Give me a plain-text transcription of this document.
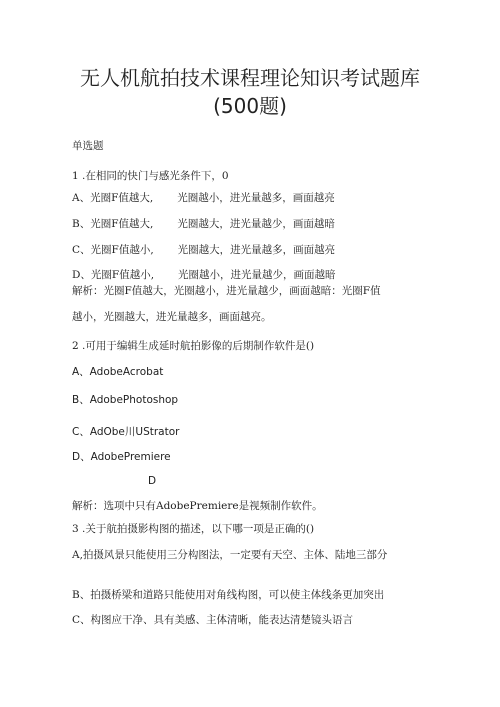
无人机航拍技术课程理论知识考试题库
(500题)
单选题
1 .在相同的快门与感光条件下，0
A、光圈F值越大, 光圈越小，进光量越多，画面越亮
B、光圈F值越大, 光圈越大，进光量越少，画面越暗
C、光圈F值越小, 光圈越大，进光量越多，画面越亮
D、光圈F值越小, 光圈越小，进光量越少，画面越暗
解析：光圈F值越大，光圈越小，进光量越少，画面越暗：光圈F值
越小，光圈越大，进光量越多，画面越亮。
2 .可用于编辑生成延时航拍影像的后期制作软件是()
A、AdobeAcrobat
B、AdobePhotoshop
C、AdObe川UStrator
D、AdobePremiere
D
解析：选项中只有AdobePremiere是视频制作软件。
3 .关于航拍摄影构图的描述，以下哪一项是正确的()
A,拍摄风景只能使用三分构图法，一定要有天空、主体、陆地三部分
B、拍摄桥梁和道路只能使用对角线构图，可以使主体线条更加突出
C、构图应干净、具有美感、主体清晰，能表达清楚镜头语言
